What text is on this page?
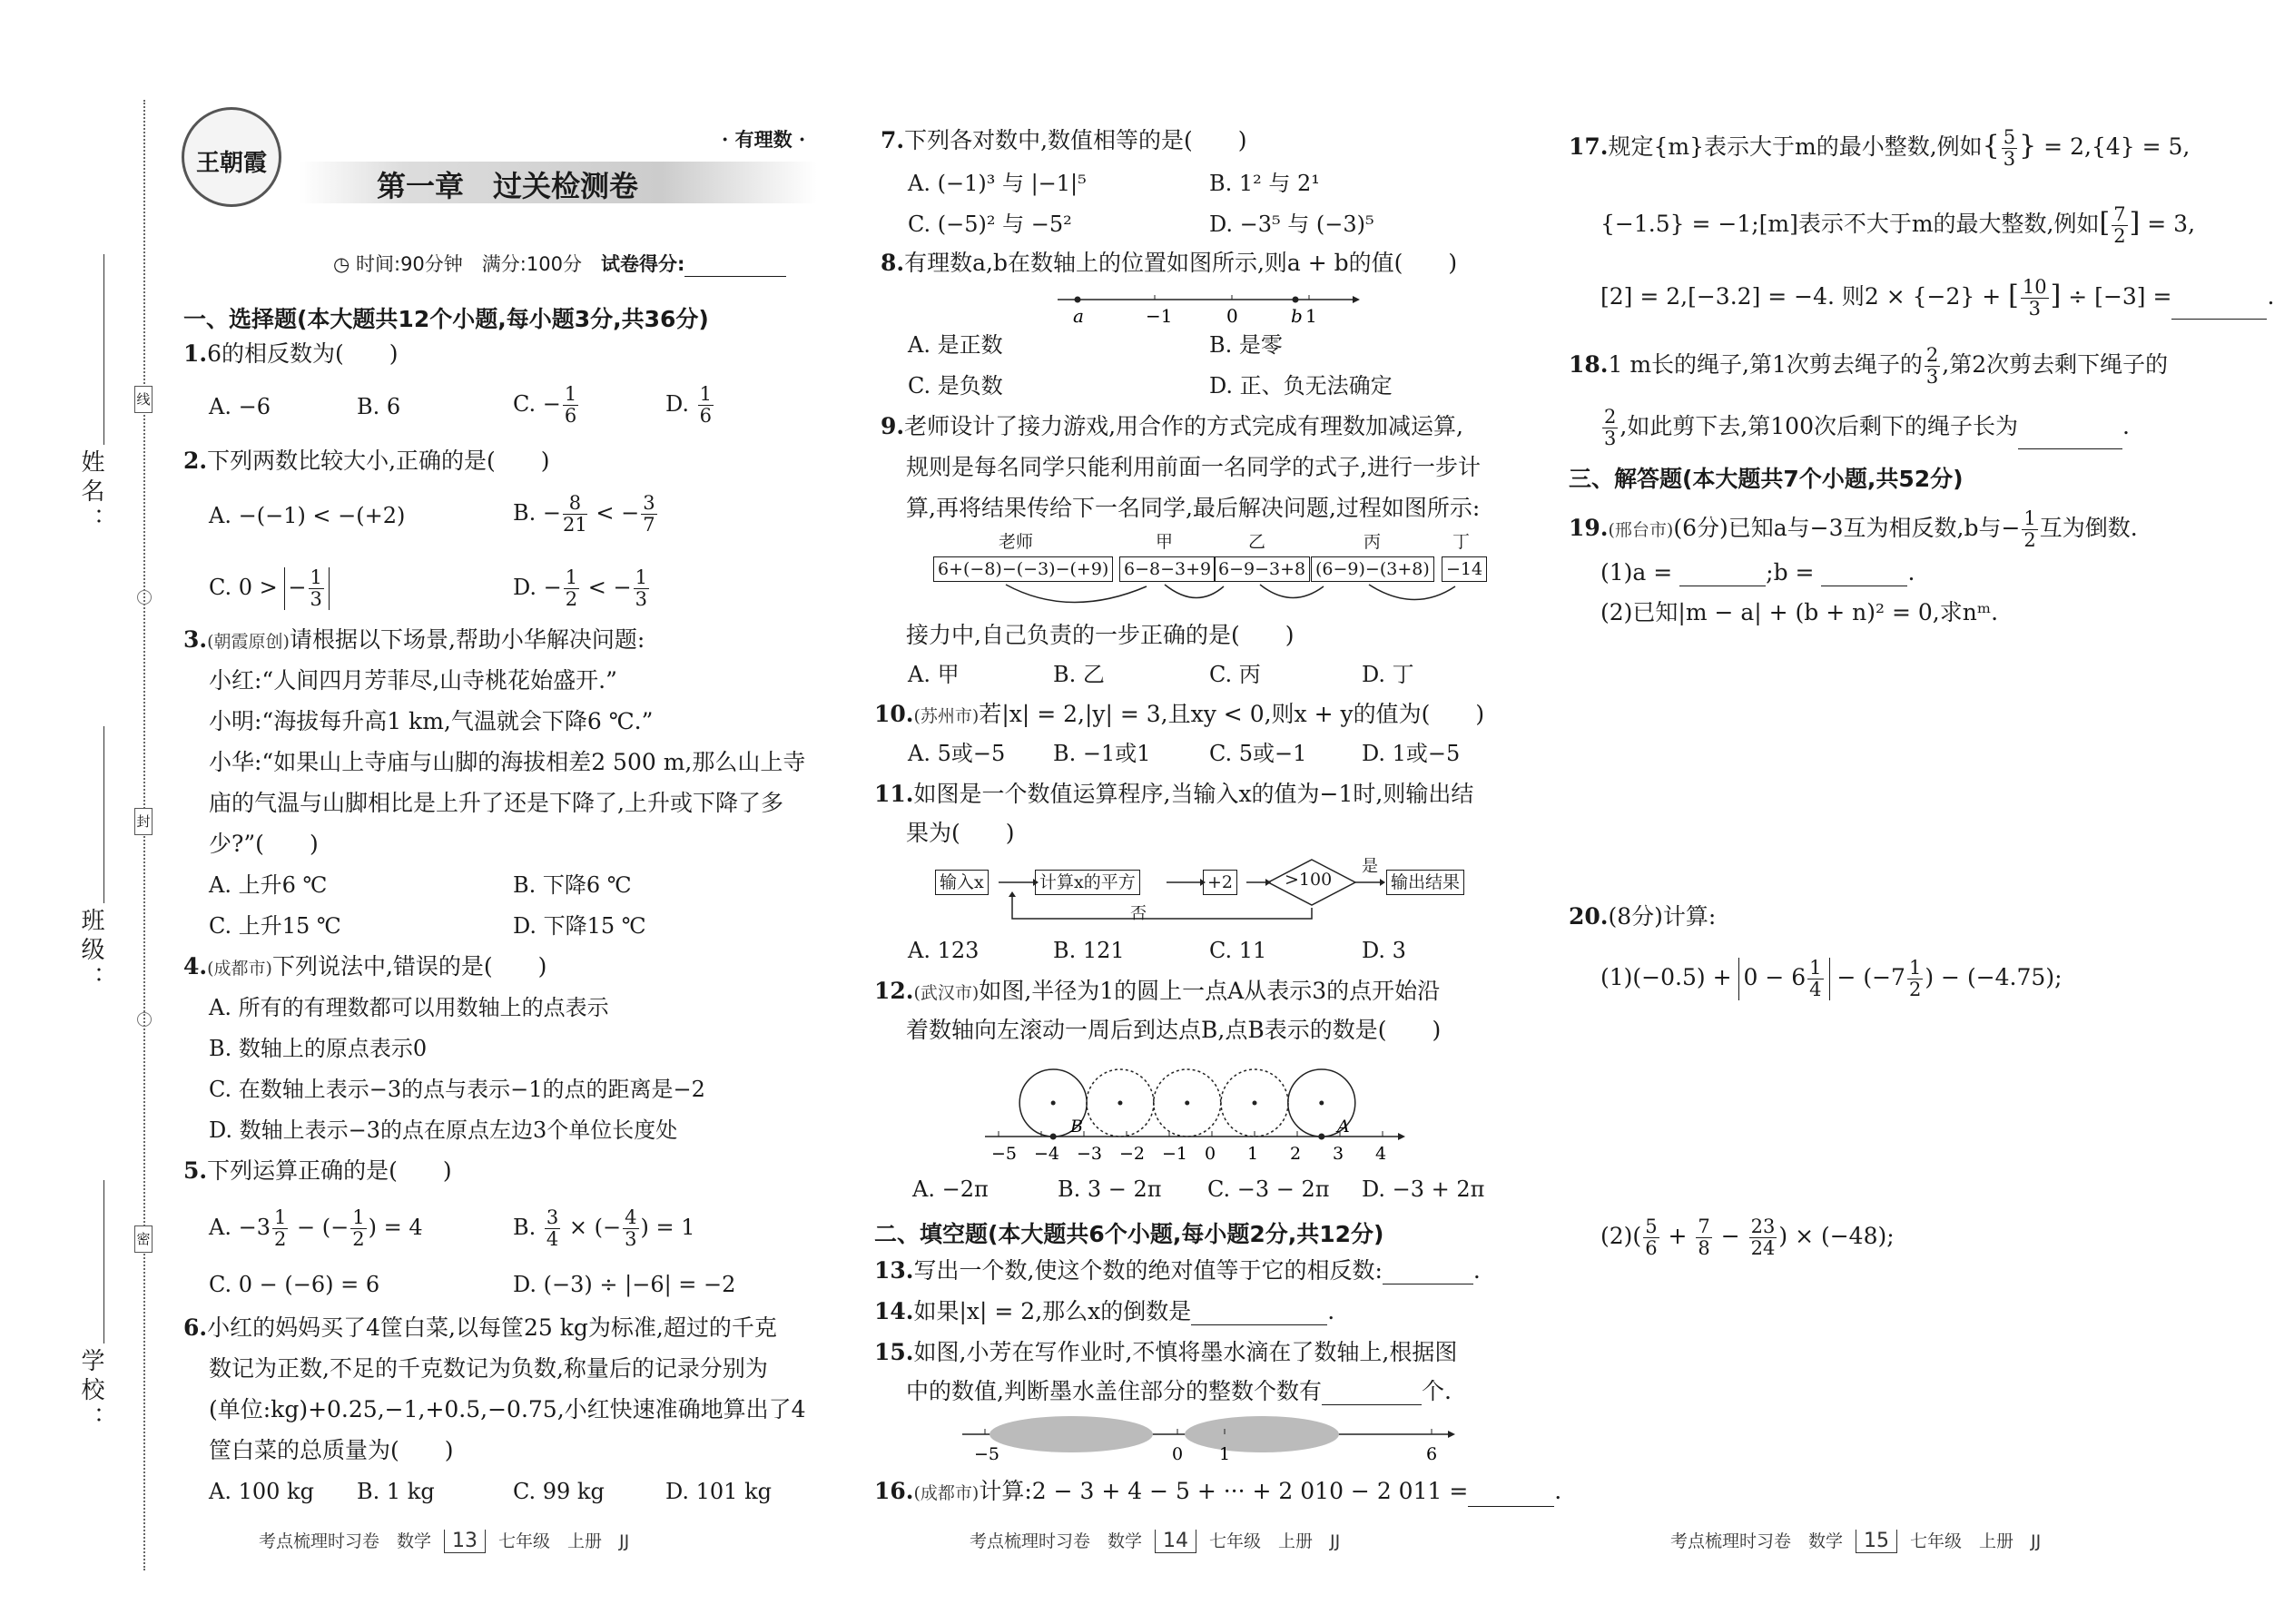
线
封
密
姓名：
班级：
学校：
王朝霞
· 有理数 ·
第一章　过关检测卷
◷ 时间:90分钟　满分:100分　试卷得分:
一、选择题(本大题共12个小题,每小题3分,共36分)
1.6的相反数为(　　)
A. −6	B. 6	C. − $\frac{1}{6}$	D. $\frac{1}{6}$
2.下列两数比较大小,正确的是(　　)
A. −(−1) < −(+2)	B. − $\frac{8}{21}$ < − $\frac{3}{7}$
C. 0 > − $\frac{1}{3}$	D. − $\frac{1}{2}$ < − $\frac{1}{3}$
3.(朝霞原创)请根据以下场景,帮助小华解决问题:
小红:“人间四月芳菲尽,山寺桃花始盛开.”
小明:“海拔每升高1 km,气温就会下降6 ℃.”
小华:“如果山上寺庙与山脚的海拔相差2 500 m,那么山上寺
庙的气温与山脚相比是上升了还是下降了,上升或下降了多
少?”(　　)
A. 上升6 ℃	B. 下降6 ℃
C. 上升15 ℃	D. 下降15 ℃
4.(成都市)下列说法中,错误的是(　　)
A. 所有的有理数都可以用数轴上的点表示
B. 数轴上的原点表示0
C. 在数轴上表示−3的点与表示−1的点的距离是−2
D. 数轴上表示−3的点在原点左边3个单位长度处
5.下列运算正确的是(　　)
A. $-3 \frac{1}{2}$ − (− $\frac{1}{2}$ ) = 4	B. $\frac{3}{4}$ × (− $\frac{4}{3}$ ) = 1
C. 0 − (−6) = 6	D. (−3) ÷ |−6| = −2
6.小红的妈妈买了4筐白菜,以每筐25 kg为标准,超过的千克
数记为正数,不足的千克数记为负数,称量后的记录分别为
(单位:kg)+0.25,−1,+0.5,−0.75,小红快速准确地算出了4
筐白菜的总质量为(　　)
A. 100 kg B. 1 kg	C. 99 kg	D. 101 kg
考点梳理时习卷　数学 13 七年级　上册　JJ
7.下列各对数中,数值相等的是(　　)
A. (−1)³ 与 |−1|⁵	B. 1² 与 2¹
C. (−5)² 与 −5²	D. −3⁵ 与 (−3)⁵
8.有理数a,b在数轴上的位置如图所示,则a + b的值(　　)
a	−1	0	b 1
A. 是正数	B. 是零
C. 是负数	D. 正、负无法确定
9.老师设计了接力游戏,用合作的方式完成有理数加减运算,
规则是每名同学只能利用前面一名同学的式子,进行一步计
算,再将结果传给下一名同学,最后解决问题,过程如图所示:
老师	甲	乙	丙	丁
6+(−8)−(−3)−(+9) 6−8−3+9 6−9−3+8 (6−9)−(3+8) −14
接力中,自己负责的一步正确的是(　　)
A. 甲	B. 乙	C. 丙	D. 丁
10.(苏州市)若|x| = 2,|y| = 3,且xy < 0,则x + y的值为(　　)
A. 5或−5 B. −1或1	C. 5或−1	D. 1或−5
11.如图是一个数值运算程序,当输入x的值为−1时,则输出结
果为(　　)
输入x	计算x的平方	+2	>100	输出结果
是
否
A. 123	B. 121	C. 11	D. 3
12.(武汉市)如图,半径为1的圆上一点A从表示3的点开始沿
着数轴向左滚动一周后到达点B,点B表示的数是(　　)
−5 −4 −3 −2 −1 0 1 2 3 4
B	A
A. −2π	B. 3 − 2π C. −3 − 2π D. −3 + 2π
二、填空题(本大题共6个小题,每小题2分,共12分)
13.写出一个数,使这个数的绝对值等于它的相反数:	.
14.如果|x| = 2,那么x的倒数是	.
15.如图,小芳在写作业时,不慎将墨水滴在了数轴上,根据图
中的数值,判断墨水盖住部分的整数个数有	个.
−5	0 1	6
16.(成都市)计算:2 − 3 + 4 − 5 + ··· + 2 010 − 2 011 =	.
考点梳理时习卷　数学 14 七年级　上册　JJ
17.规定{m}表示大于m的最小整数,例如{ $\frac{5}{3}$ } = 2,{4} = 5,
{−1.5} = −1;[m]表示不大于m的最大整数,例如[ $\frac{7}{2}$ ] = 3,
[2] = 2,[−3.2] = −4. 则2 × {−2} + [ $\frac{10}{3}$ ] ÷ [−3] =	.
18.1 m长的绳子,第1次剪去绳子的 $\frac{2}{3}$ ,第2次剪去剩下绳子的
$\frac{2}{3}$ ,如此剪下去,第100次后剩下的绳子长为	.
三、解答题(本大题共7个小题,共52分)
19.(邢台市)(6分)已知a与−3互为相反数,b与− $\frac{1}{2}$ 互为倒数.
(1)a =	;b =	.
(2)已知|m − a| + (b + n)² = 0,求nᵐ.
20.(8分)计算:
$(1)(-0.5) + 0 - 6 \frac{1}{4} - (-7 \frac{1}{2}$ ) − (−4.75);
$(2)( \frac{5}{6} + \frac{7}{8} - \frac{23}{24}$ ) × (−48);
考点梳理时习卷　数学 15 七年级　上册　JJ
